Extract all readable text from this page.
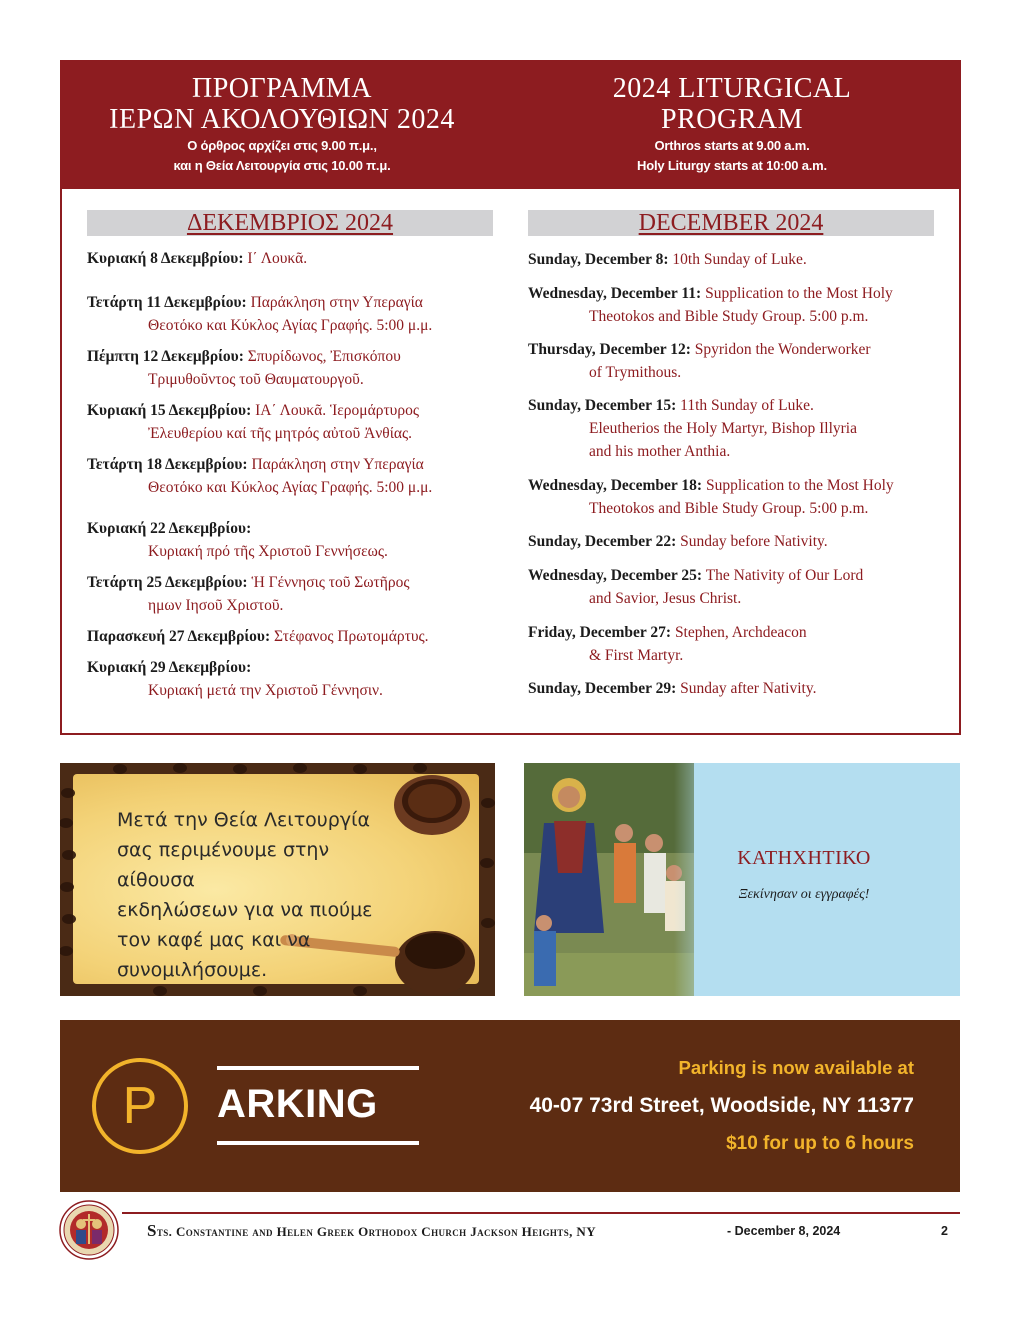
ΠΡΟΓΡΑΜΜΑ
ΙΕΡΩΝ ΑΚΟΛΟΥΘΙΩΝ 2024
Ο όρθρος αρχίζει στις 9.00 π.μ.,
και η Θεία Λειτουργία στις 10.00 π.μ.
2024 LITURGICAL
PROGRAM
Orthros starts at 9.00 a.m.
Holy Liturgy starts at 10:00 a.m.
ΔΕΚΕΜΒΡΙΟΣ 2024	DECEMBER 2024
Κυριακή 8 Δεκεμβρίου: Ι΄ Λουκᾶ.
Τετάρτη 11 Δεκεμβρίου: Παράκληση στην Υπεραγία
Θεοτόκο και Κύκλος Αγίας Γραφής. 5:00 μ.μ.
Πέμπτη 12 Δεκεμβρίου: Σπυρίδωνος, Ἐπισκόπου
Τριμυθοῦντος τοῦ Θαυματουργοῦ.
Κυριακή 15 Δεκεμβρίου: ΙΑ΄ Λουκᾶ. Ἱερομάρτυρος
Ἐλευθερίου καί τῆς μητρός αὐτοῦ Ἀνθίας.
Τετάρτη 18 Δεκεμβρίου: Παράκληση στην Υπεραγία
Θεοτόκο και Κύκλος Αγίας Γραφής. 5:00 μ.μ.
Κυριακή 22 Δεκεμβρίου:
Κυριακή πρό τῆς Χριστοῦ Γεννήσεως.
Τετάρτη 25 Δεκεμβρίου: Ἡ Γέννησις τοῦ Σωτῆρος
ημων Ιησοῦ Χριστοῦ.
Παρασκευή 27 Δεκεμβρίου: Στέφανος Πρωτομάρτυς.
Κυριακή 29 Δεκεμβρίου:
Κυριακή μετά την Χριστοῦ Γέννησιν.
Sunday, December 8: 10th Sunday of Luke.
Wednesday, December 11: Supplication to the Most Holy
Theotokos and Bible Study Group. 5:00 p.m.
Thursday, December 12: Spyridon the Wonderworker
of Trymithous.
Sunday, December 15: 11th Sunday of Luke.
Eleutherios the Holy Martyr, Bishop Illyria
and his mother Anthia.
Wednesday, December 18: Supplication to the Most Holy
Theotokos and Bible Study Group. 5:00 p.m.
Sunday, December 22: Sunday before Nativity.
Wednesday, December 25: The Nativity of Our Lord
and Savior, Jesus Christ.
Friday, December 27: Stephen, Archdeacon
& First Martyr.
Sunday, December 29: Sunday after Nativity.
Μετά την Θεία Λειτουργία
σας περιμένουμε στην αίθουσα
εκδηλώσεων για να πιούμε
τον καφέ μας και να
συνομιλήσουμε.
ΚΑΤΗΧΗΤΙΚΟ
Ξεκίνησαν οι εγγραφές!
P	ARKING
Parking is now available at
40-07 73rd Street, Woodside, NY 11377
$10 for up to 6 hours
Sts. Constantine and Helen Greek Orthodox Church Jackson Heights, NY	- December 8, 2024	2
